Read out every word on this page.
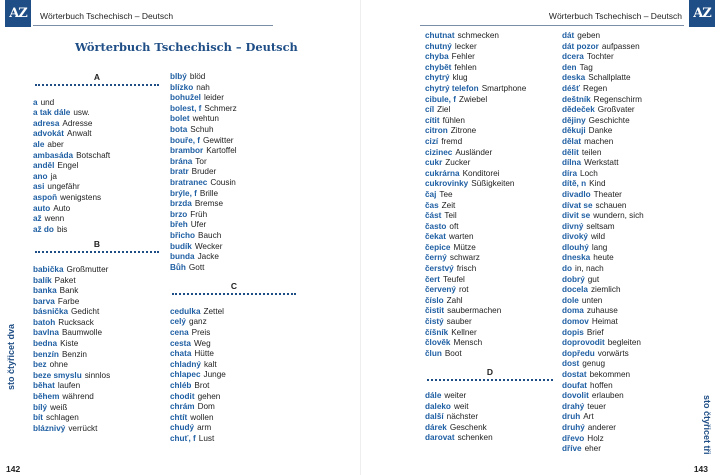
AZ	Wörterbuch Tschechisch – Deutsch	Wörterbuch Tschechisch – Deutsch AZ
Wörterbuch Tschechisch – Deutsch
A
a und
a tak dále usw.
adresa Adresse
advokát Anwalt
ale aber
ambasáda Botschaft
anděl Engel
ano ja
asi ungefähr
aspoň wenigstens
auto Auto
až wenn
až do bis
B
babička Großmutter
balík Paket
banka Bank
barva Farbe
básnička Gedicht
batoh Rucksack
bavlna Baumwolle
bedna Kiste
benzín Benzin
bez ohne
beze smyslu sinnlos
běhat laufen
během während
bílý weiß
bít schlagen
bláznivý verrückt
blbý blöd
blízko nah
bohužel leider
bolest, f Schmerz
bolet wehtun
bota Schuh
bouře, f Gewitter
brambor Kartoffel
brána Tor
bratr Bruder
bratranec Cousin
brýle, f Brille
brzda Bremse
brzo Früh
břeh Ufer
břicho Bauch
budík Wecker
bunda Jacke
Bůh Gott
C
cedulka Zettel
celý ganz
cena Preis
cesta Weg
chata Hütte
chladný kalt
chlapec Junge
chléb Brot
chodit gehen
chrám Dom
chtít wollen
chudý arm
chuť, f Lust
chutnat schmecken
chutný lecker
chyba Fehler
chybět fehlen
chytrý klug
chytrý telefon Smartphone
cibule, f Zwiebel
cíl Ziel
cítit fühlen
citron Zitrone
cizí fremd
cizinec Ausländer
cukr Zucker
cukrárna Konditorei
cukrovinky Süßigkeiten
čaj Tee
čas Zeit
část Teil
často oft
čekat warten
čepice Mütze
černý schwarz
čerstvý frisch
čert Teufel
červený rot
číslo Zahl
čistit saubermachen
čistý sauber
číšník Kellner
člověk Mensch
člun Boot
D
dále weiter
daleko weit
další nächster
dárek Geschenk
darovat schenken
dát geben
dát pozor aufpassen
dcera Tochter
den Tag
deska Schallplatte
déšť Regen
deštník Regenschirm
dědeček Großvater
dějiny Geschichte
děkuji Danke
dělat machen
dělit teilen
dílna Werkstatt
díra Loch
dítě, n Kind
divadlo Theater
dívat se schauen
divit se wundern, sich
divný seltsam
divoký wild
dlouhý lang
dneska heute
do in, nach
dobrý gut
docela ziemlich
dole unten
doma zuhause
domov Heimat
dopis Brief
doprovodit begleiten
dopředu vorwärts
dost genug
dostat bekommen
doufat hoffen
dovolit erlauben
drahý teuer
druh Art
druhý anderer
dřevo Holz
dříve eher
sto čtyřicet dva
sto čtyřicet tři
142	143
